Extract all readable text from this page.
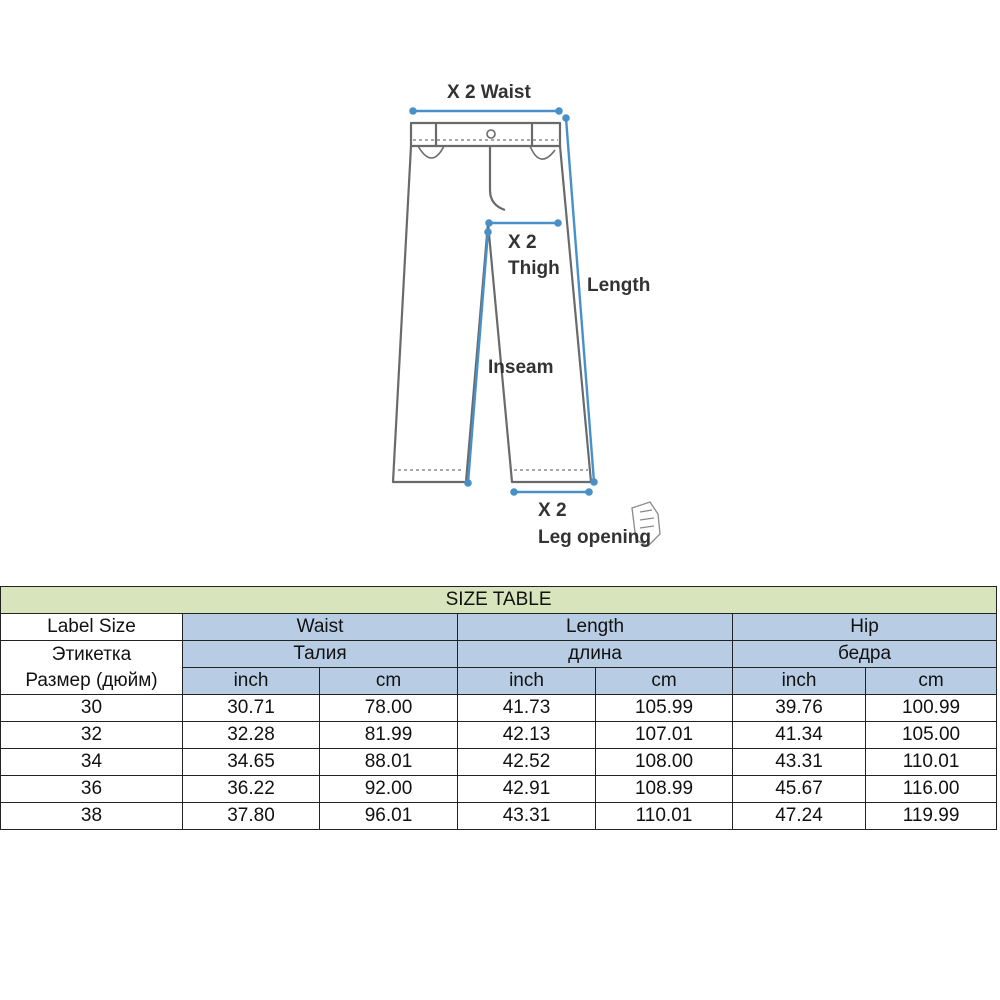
X 2 Waist
X 2
Thigh
Length
Inseam
X 2
Leg opening
SIZE TABLE						
Label Size	Waist		Length		Hip	

Этикетка
Размер (дюйм)	Талия		длина		бедра	
	inch	cm	inch	cm	inch	cm
30	30.71	78.00	41.73	105.99	39.76	100.99
32	32.28	81.99	42.13	107.01	41.34	105.00
34	34.65	88.01	42.52	108.00	43.31	110.01
36	36.22	92.00	42.91	108.99	45.67	116.00
38	37.80	96.01	43.31	110.01	47.24	119.99
